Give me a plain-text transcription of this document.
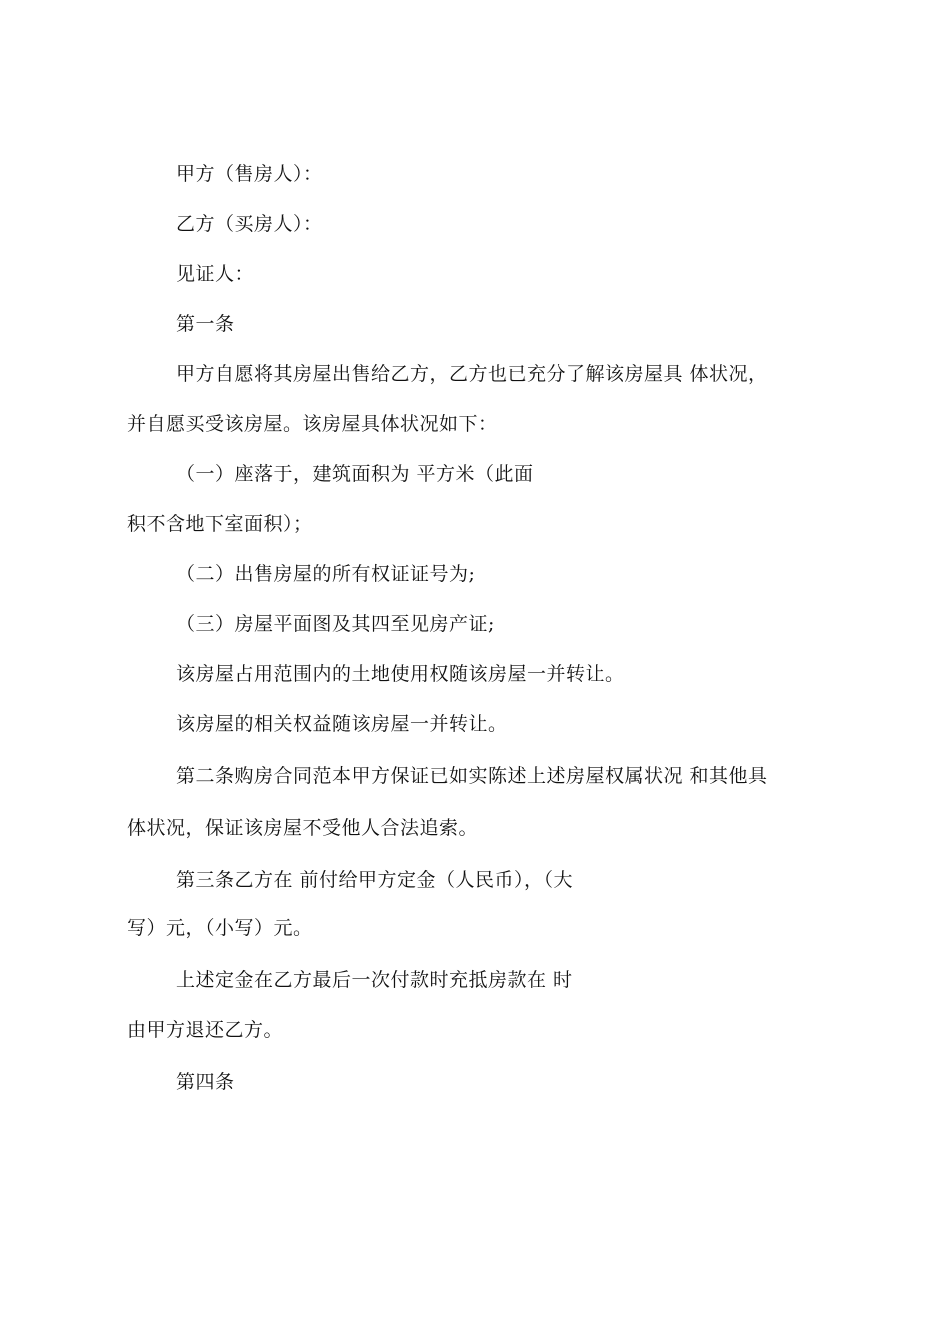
甲方（售房人）：
乙方（买房人）：
见证人：
第一条
甲方自愿将其房屋出售给乙方，乙方也已充分了解该房屋具 体状况，
并自愿买受该房屋。该房屋具体状况如下：
（一）座落于，建筑面积为 平方米（此面
积不含地下室面积）；
（二）出售房屋的所有权证证号为;
（三）房屋平面图及其四至见房产证;
该房屋占用范围内的土地使用权随该房屋一并转让。
该房屋的相关权益随该房屋一并转让。
第二条购房合同范本甲方保证已如实陈述上述房屋权属状况 和其他具
体状况，保证该房屋不受他人合法追索。
第三条乙方在 前付给甲方定金（人民币），（大
写）元，（小写）元。
上述定金在乙方最后一次付款时充抵房款在 时
由甲方退还乙方。
第四条
